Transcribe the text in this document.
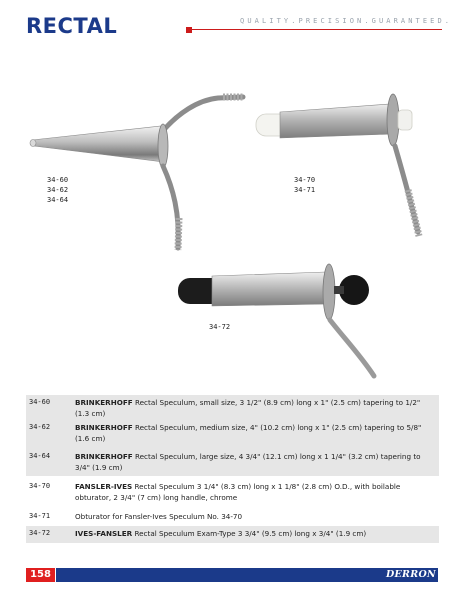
RECTAL	QUALITY.PRECISION.GUARANTEED.
34-60
34-62
34-64
34-70
34-71
34-72
34-60	BRINKERHOFF Rectal Speculum, small size, 3 1/2" (8.9 cm) long x 1" (2.5 cm) tapering to 1/2" (1.3 cm)
34-62	BRINKERHOFF Rectal Speculum, medium size, 4" (10.2 cm) long x 1" (2.5 cm) tapering to 5/8" (1.6 cm)
34-64	BRINKERHOFF Rectal Speculum, large size, 4 3/4" (12.1 cm) long x 1 1/4" (3.2 cm) tapering to 3/4" (1.9 cm)
34-70	FANSLER-IVES Rectal Speculum 3 1/4" (8.3 cm) long x 1 1/8" (2.8 cm) O.D., with boilable obturator, 2 3/4" (7 cm) long handle, chrome
34-71	Obturator for Fansler-Ives Speculum No. 34-70
34-72	IVES-FANSLER Rectal Speculum Exam-Type 3 3/4" (9.5 cm) long x 3/4" (1.9 cm)
158	DERRON
